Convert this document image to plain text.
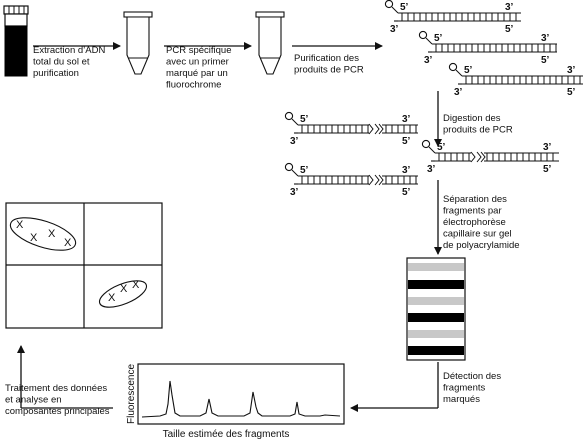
X
X X
X
X
X X
Fluorescence
Taille estimée des fragments
Extraction d’ADN total du sol et purification
PCR spécifique avec un primer marqué par un fluorochrome
Purification des produits de PCR
Digestion des produits de PCR
Séparation des fragments par électrophorèse capillaire sur gel de polyacrylamide
Détection des fragments marqués
Traitement des données et analyse en composantes principales
5’
3’
3’
5’
5’
3’
3’
5’
5’
3’
3’
5’
5’
3’
3’
5’
5’
3’
3’
5’
5’
3’
3’
5’
